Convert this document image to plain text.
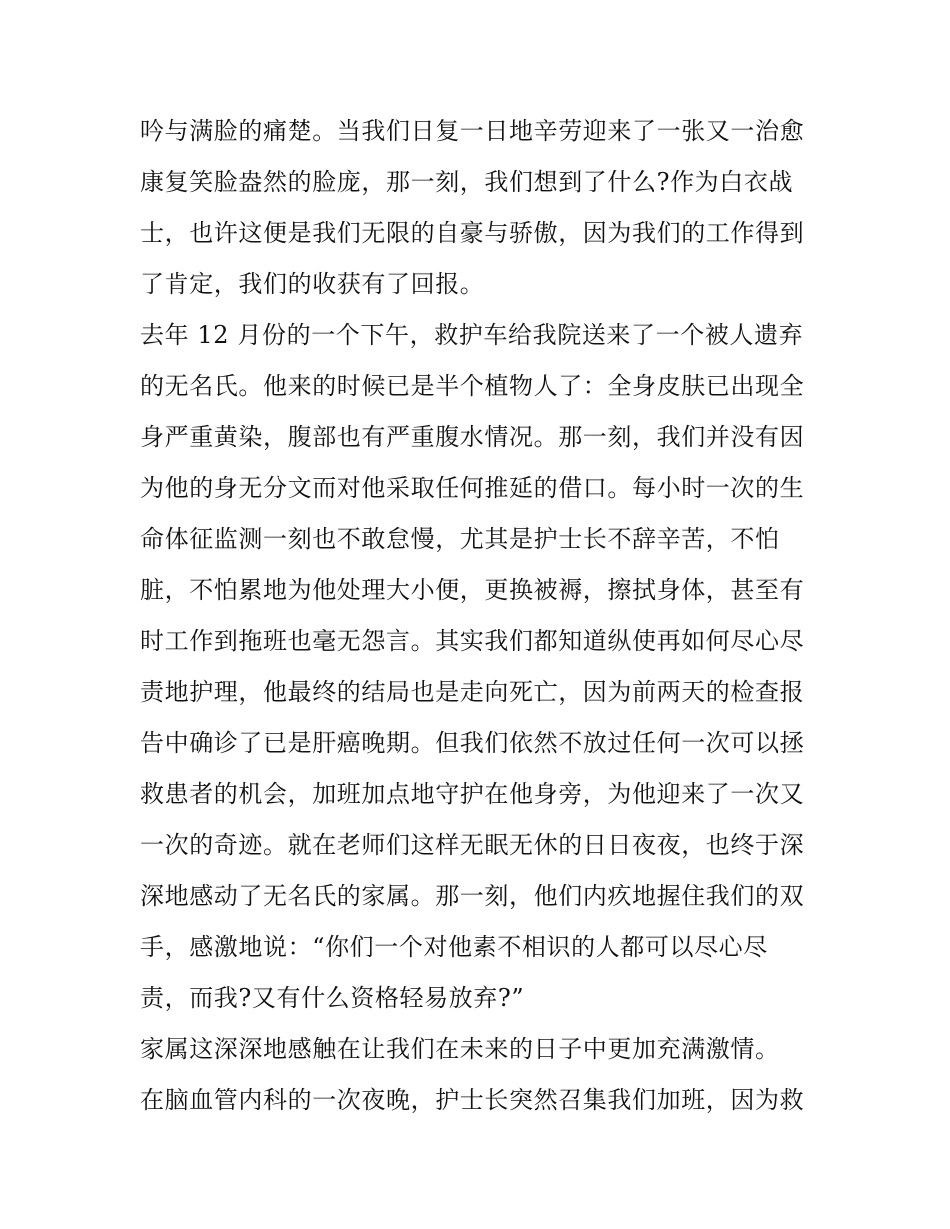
吟与满脸的痛楚。当我们日复一日地辛劳迎来了一张又一治愈
康复笑脸盎然的脸庞，那一刻，我们想到了什么?作为白衣战
士，也许这便是我们无限的自豪与骄傲，因为我们的工作得到
了肯定，我们的收获有了回报。
去年 12 月份的一个下午，救护车给我院送来了一个被人遗弃
的无名氏。他来的时候已是半个植物人了：全身皮肤已出现全
身严重黄染，腹部也有严重腹水情况。那一刻，我们并没有因
为他的身无分文而对他采取任何推延的借口。每小时一次的生
命体征监测一刻也不敢怠慢，尤其是护士长不辞辛苦，不怕
脏，不怕累地为他处理大小便，更换被褥，擦拭身体，甚至有
时工作到拖班也毫无怨言。其实我们都知道纵使再如何尽心尽
责地护理，他最终的结局也是走向死亡，因为前两天的检查报
告中确诊了已是肝癌晚期。但我们依然不放过任何一次可以拯
救患者的机会，加班加点地守护在他身旁，为他迎来了一次又
一次的奇迹。就在老师们这样无眠无休的日日夜夜，也终于深
深地感动了无名氏的家属。那一刻，他们内疚地握住我们的双
手，感激地说：“你们一个对他素不相识的人都可以尽心尽
责，而我?又有什么资格轻易放弃?”
家属这深深地感触在让我们在未来的日子中更加充满激情。
在脑血管内科的一次夜晚，护士长突然召集我们加班，因为救
